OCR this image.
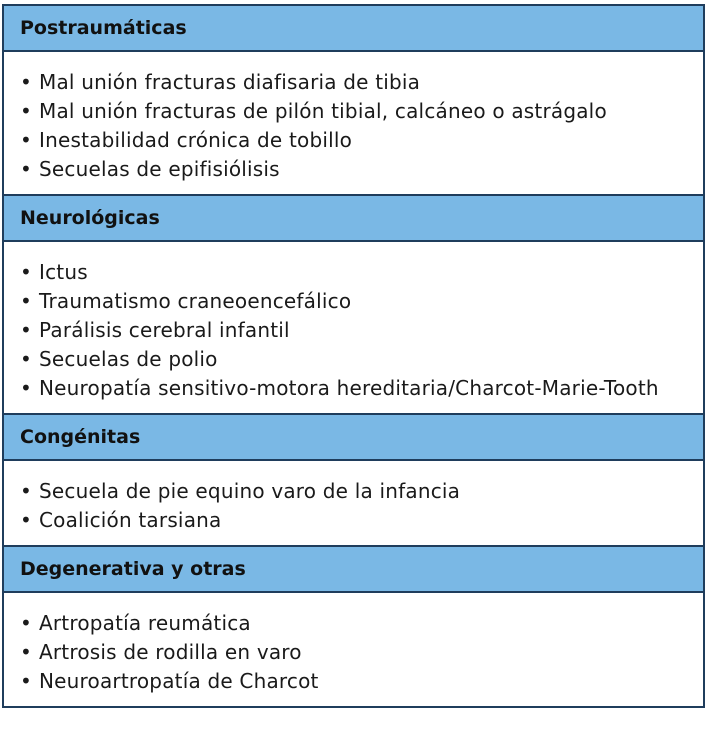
Postraumáticas
• Mal unión fracturas diafisaria de tibia
• Mal unión fracturas de pilón tibial, calcáneo o astrágalo
• Inestabilidad crónica de tobillo
• Secuelas de epifisiólisis
Neurológicas
• Ictus
• Traumatismo craneoencefálico
• Parálisis cerebral infantil
• Secuelas de polio
• Neuropatía sensitivo-motora hereditaria/Charcot-Marie-Tooth
Congénitas
• Secuela de pie equino varo de la infancia
• Coalición tarsiana
Degenerativa y otras
• Artropatía reumática
• Artrosis de rodilla en varo
• Neuroartropatía de Charcot
